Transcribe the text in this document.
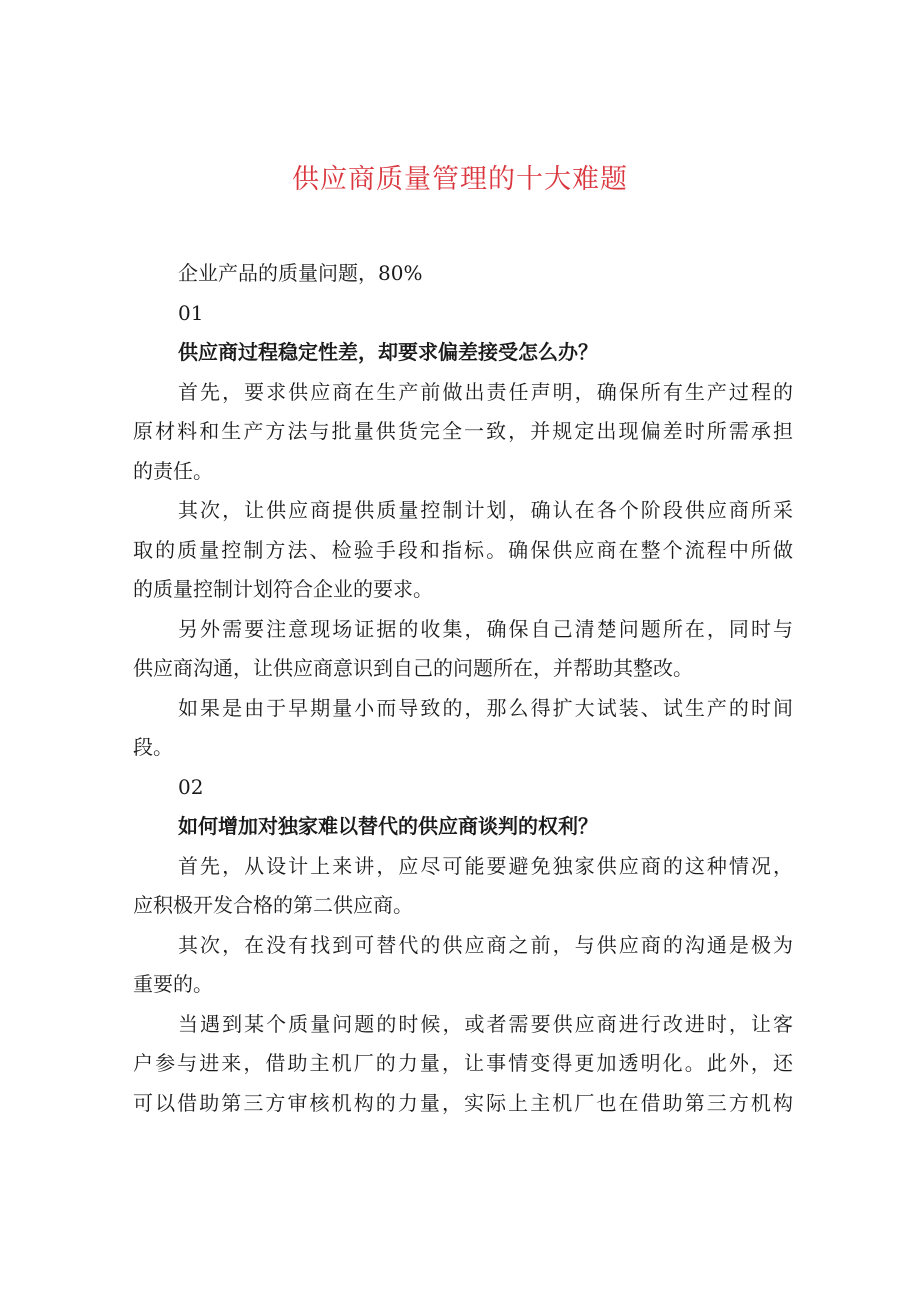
供应商质量管理的十大难题

企业产品的质量问题，80%

01

供应商过程稳定性差，却要求偏差接受怎么办？

首先，要求供应商在生产前做出责任声明，确保所有生产过程的

原材料和生产方法与批量供货完全一致，并规定出现偏差时所需承担

的责任。

其次，让供应商提供质量控制计划，确认在各个阶段供应商所采

取的质量控制方法、检验手段和指标。确保供应商在整个流程中所做

的质量控制计划符合企业的要求。

另外需要注意现场证据的收集，确保自己清楚问题所在，同时与

供应商沟通，让供应商意识到自己的问题所在，并帮助其整改。

如果是由于早期量小而导致的，那么得扩大试装、试生产的时间

段。

02

如何增加对独家难以替代的供应商谈判的权利？

首先，从设计上来讲，应尽可能要避免独家供应商的这种情况，

应积极开发合格的第二供应商。

其次，在没有找到可替代的供应商之前，与供应商的沟通是极为

重要的。

当遇到某个质量问题的时候，或者需要供应商进行改进时，让客

户参与进来，借助主机厂的力量，让事情变得更加透明化。此外，还

可以借助第三方审核机构的力量，实际上主机厂也在借助第三方机构
